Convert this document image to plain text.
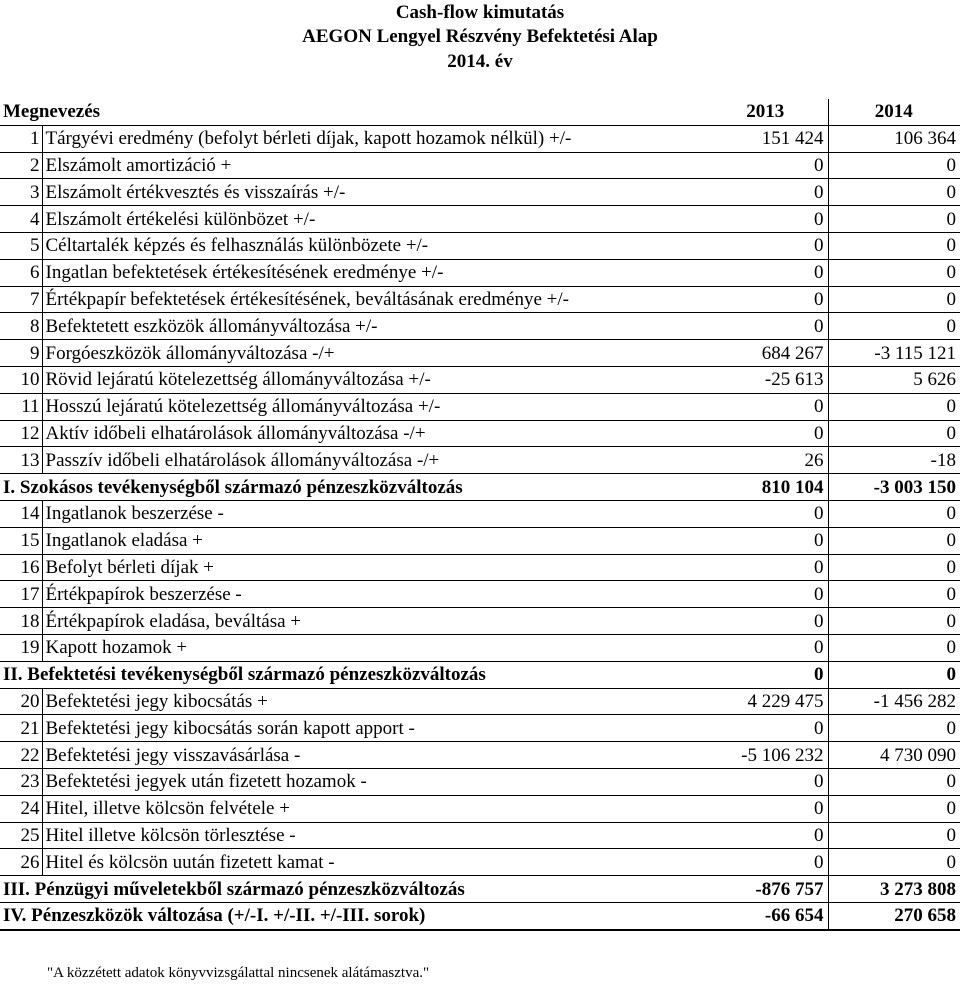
Cash-flow kimutatás
AEGON Lengyel Részvény Befektetési Alap
2014. év
Megnevezés		2013	2014
1	Tárgyévi eredmény (befolyt bérleti díjak, kapott hozamok nélkül) +/-	151 424	106 364
2	Elszámolt amortizáció +	0	0
3	Elszámolt értékvesztés és visszaírás +/-	0	0
4	Elszámolt értékelési különbözet +/-	0	0
5	Céltartalék képzés és felhasználás különbözete +/-	0	0
6	Ingatlan befektetések értékesítésének eredménye +/-	0	0
7	Értékpapír befektetések értékesítésének, beváltásának eredménye +/-	0	0
8	Befektetett eszközök állományváltozása +/-	0	0
9	Forgóeszközök állományváltozása -/+	684 267	-3 115 121
10	Rövid lejáratú kötelezettség állományváltozása +/-	-25 613	5 626
11	Hosszú lejáratú kötelezettség állományváltozása +/-	0	0
12	Aktív időbeli elhatárolások állományváltozása -/+	0	0
13	Passzív időbeli elhatárolások állományváltozása -/+	26	-18
I. Szokásos tevékenységből származó pénzeszközváltozás		810 104	-3 003 150
14	Ingatlanok beszerzése -	0	0
15	Ingatlanok eladása +	0	0
16	Befolyt bérleti díjak +	0	0
17	Értékpapírok beszerzése -	0	0
18	Értékpapírok eladása, beváltása +	0	0
19	Kapott hozamok +	0	0
II. Befektetési tevékenységből származó pénzeszközváltozás		0	0
20	Befektetési jegy kibocsátás +	4 229 475	-1 456 282
21	Befektetési jegy kibocsátás során kapott apport -	0	0
22	Befektetési jegy visszavásárlása -	-5 106 232	4 730 090
23	Befektetési jegyek után fizetett hozamok -	0	0
24	Hitel, illetve kölcsön felvétele +	0	0
25	Hitel illetve kölcsön törlesztése -	0	0
26	Hitel és kölcsön uután fizetett kamat -	0	0
III. Pénzügyi műveletekből származó pénzeszközváltozás		-876 757	3 273 808
IV. Pénzeszközök változása (+/-I. +/-II. +/-III. sorok)		-66 654	270 658
"A közzétett adatok könyvvizsgálattal nincsenek alátámasztva."
